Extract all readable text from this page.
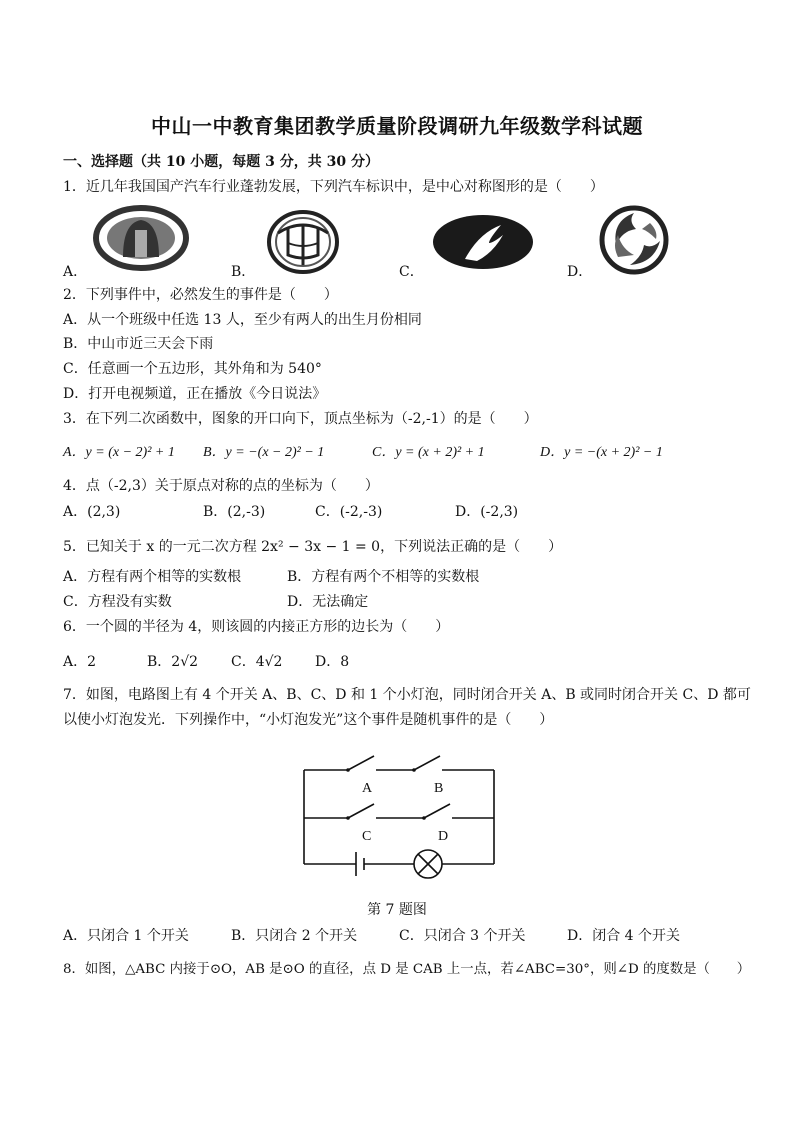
中山一中教育集团教学质量阶段调研九年级数学科试题
一、选择题（共 10 小题，每题 3 分，共 30 分）
1．近几年我国国产汽车行业蓬勃发展，下列汽车标识中，是中心对称图形的是（　　）
A．	B．	C．	D．
2．下列事件中，必然发生的事件是（　　）
A．从一个班级中任选 13 人，至少有两人的出生月份相同
B．中山市近三天会下雨
C．任意画一个五边形，其外角和为 540°
D．打开电视频道，正在播放《今日说法》
3．在下列二次函数中，图象的开口向下，顶点坐标为（-2,-1）的是（　　）
A．y = (x − 2)² + 1 B．y = −(x − 2)² − 1	C．y = (x + 2)² + 1	D．y = −(x + 2)² − 1
4．点（-2,3）关于原点对称的点的坐标为（　　）
A．(2,3)	B．(2,-3)	C．(-2,-3)	D．(-2,3)
5．已知关于 x 的一元二次方程 2x² − 3x − 1 = 0，下列说法正确的是（　　）
A．方程有两个相等的实数根	B．方程有两个不相等的实数根
C．方程没有实数	D．无法确定
6．一个圆的半径为 4，则该圆的内接正方形的边长为（　　）
A．2	B．2√2 C．4√2 D．8
7．如图，电路图上有 4 个开关 A、B、C、D 和 1 个小灯泡，同时闭合开关 A、B 或同时闭合开关 C、D 都可
以使小灯泡发光．下列操作中，“小灯泡发光”这个事件是随机事件的是（　　）
A	B
C	D
第 7 题图
A．只闭合 1 个开关	B．只闭合 2 个开关	C．只闭合 3 个开关	D．闭合 4 个开关
8．如图，△ABC 内接于⊙O，AB 是⊙O 的直径，点 D 是 CAB 上一点，若∠ABC=30°，则∠D 的度数是（　　）
